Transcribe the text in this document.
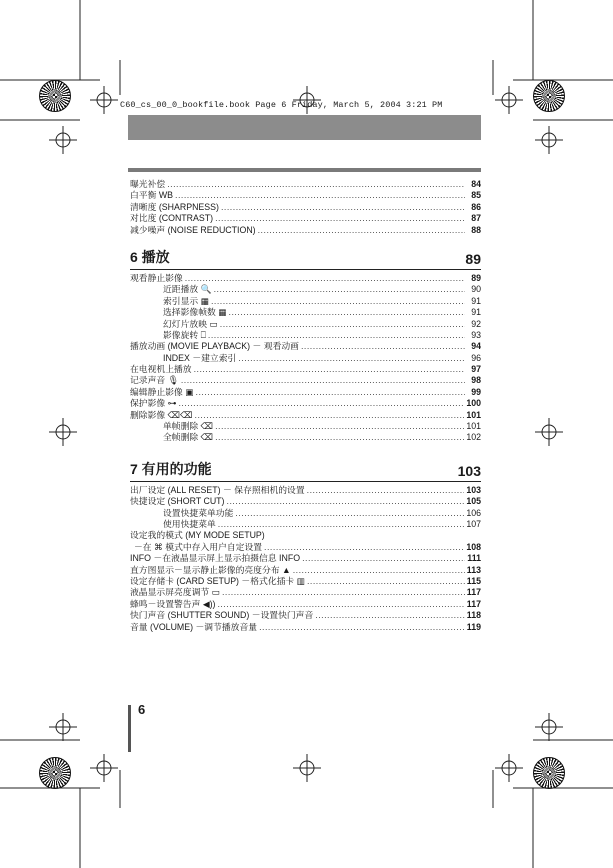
C60_cs_00_0_bookfile.book Page 6 Friday, March 5, 2004 3:21 PM
曝光补偿 .....	84
白平衡 WB .....	85
清晰度 (SHARPNESS) .....	86
对比度 (CONTRAST) .....	87
减少噪声 (NOISE REDUCTION) .....	88
6 播放	89
观看静止影像 .....	89
近距播放 🔍 .....	90
索引显示 ▦ .....	91
选择影像帧数 ▦ .....	91
幻灯片放映 ▭ .....	92
影像旋转 ⎕ .....	93
播放动画 (MOVIE PLAYBACK) － 观看动画 .....	94
INDEX －建立索引 .....	96
在电视机上播放 .....	97
记录声音 🎙 .....	98
编辑静止影像 ▣ .....	99
保护影像 ⊶ .....	100
删除影像 ⌫⌫ .....	101
单帧删除 ⌫ .....	101
全帧删除 ⌫ .....	102
7 有用的功能	103
出厂设定 (ALL RESET) － 保存照相机的设置 .....	103
快捷设定 (SHORT CUT) .....	105
设置快捷菜单功能 .....	106
使用快捷菜单 .....	107
设定我的模式 (MY MODE SETUP)
－在 ⌘ 模式中存入用户自定设置 .....	108
INFO －在液晶显示屏上显示拍摄信息 INFO .....	111
直方图显示－显示静止影像的亮度分布 ▲ .....	113
设定存储卡 (CARD SETUP) －格式化插卡 ▥ .....	115
液晶显示屏亮度调节 ▭ .....	117
蜂鸣－设置警告声 ◀)) .....	117
快门声音 (SHUTTER SOUND) －设置快门声音 .....	118
音量 (VOLUME) －调节播放音量 .....	119
6
